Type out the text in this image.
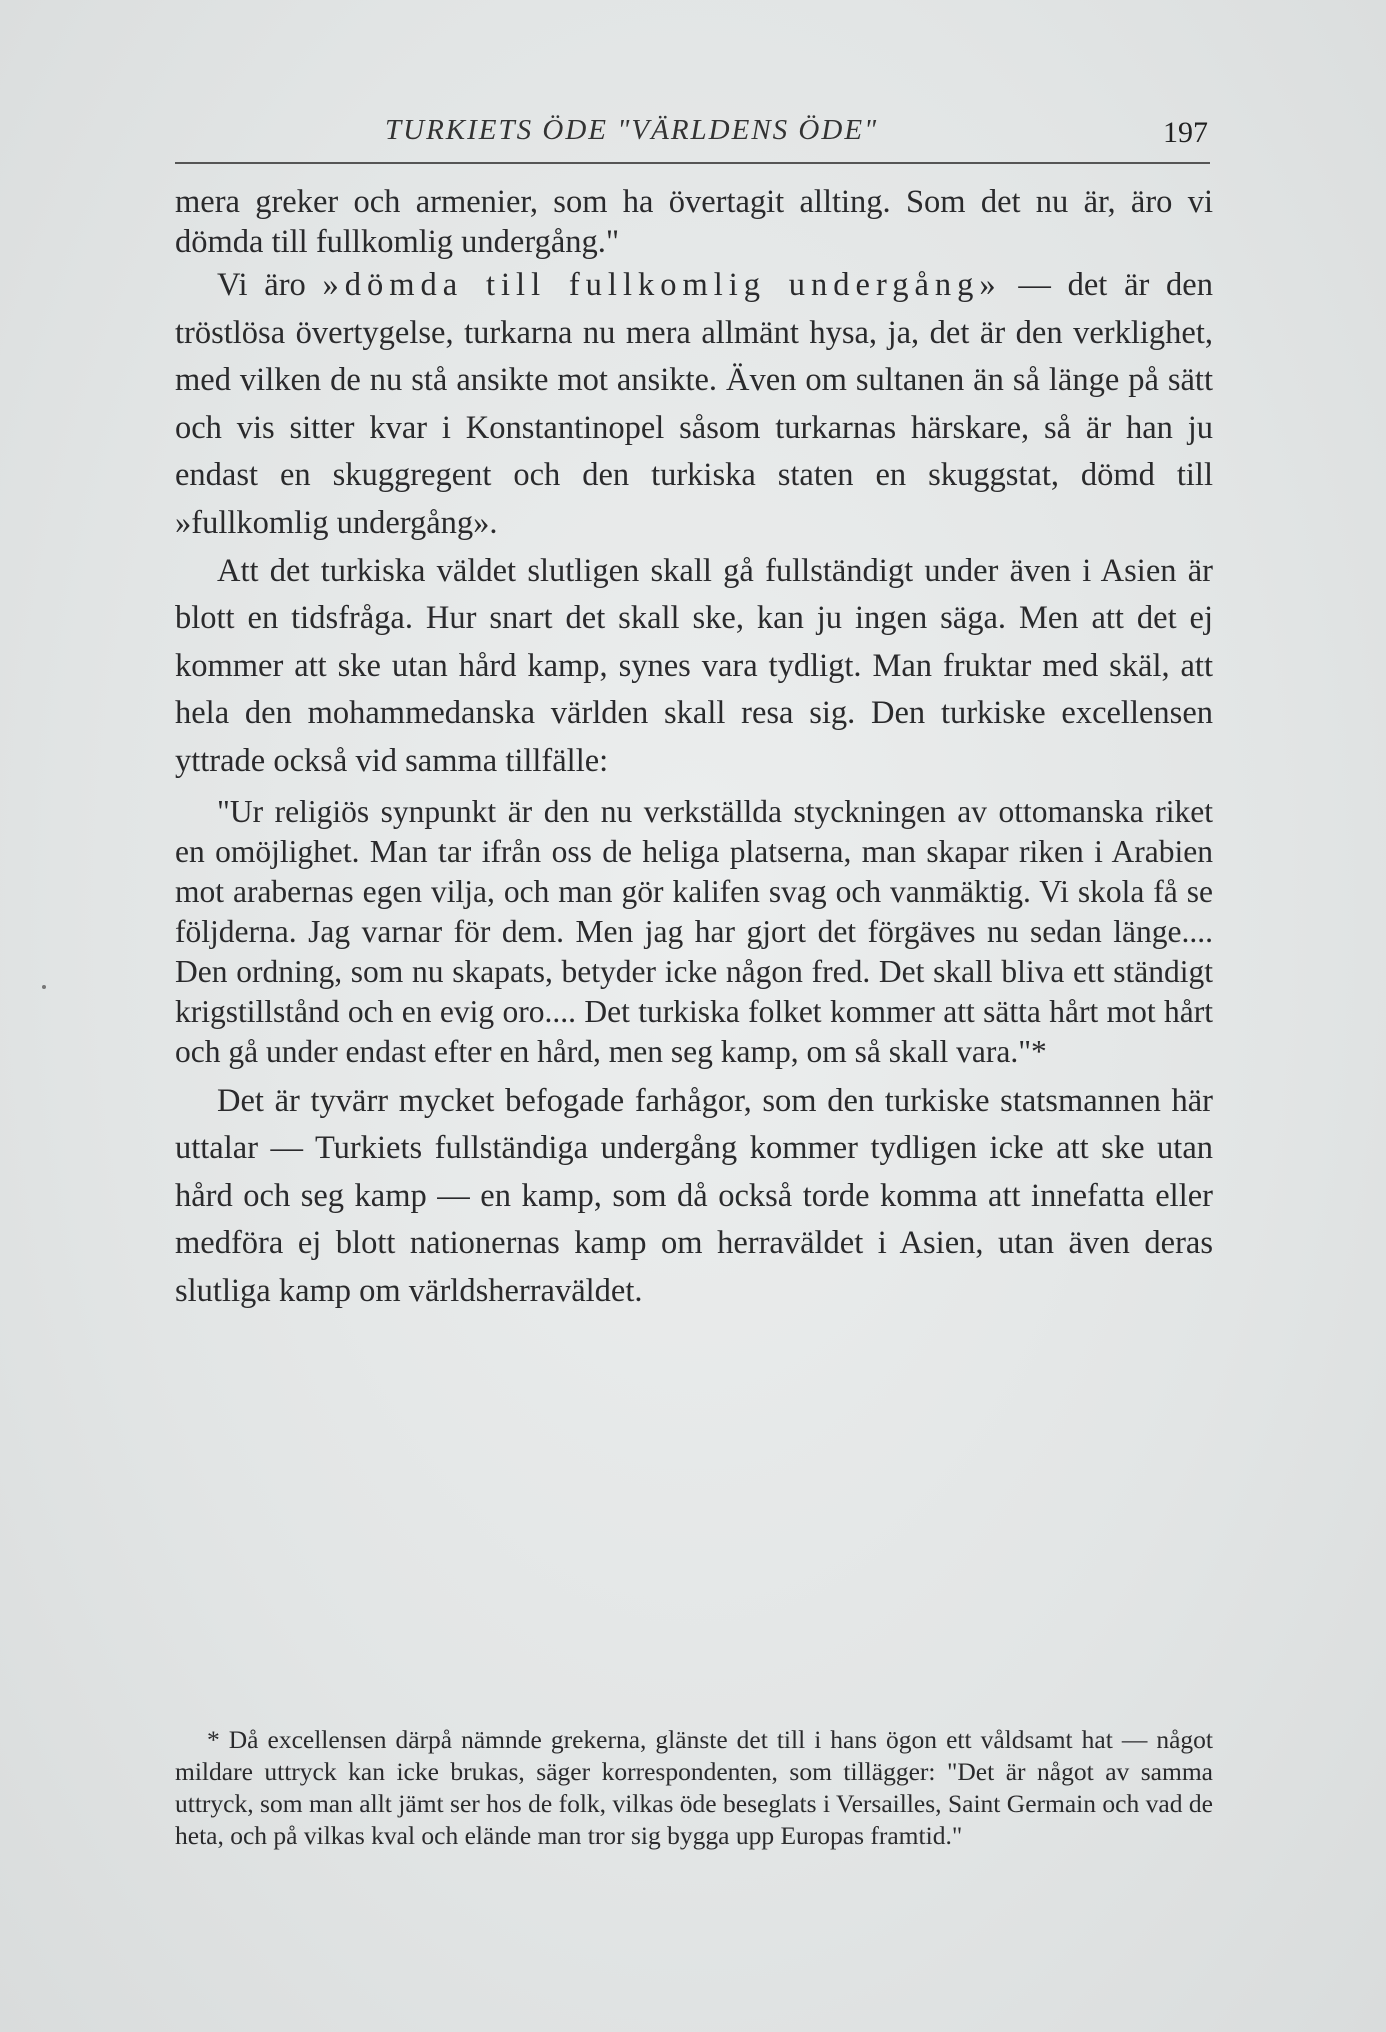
TURKIETS ÖDE "VÄRLDENS ÖDE"	197

mera greker och armenier, som ha övertagit allting. Som det nu är, äro vi dömda till fullkomlig undergång."

Vi äro »dömda till fullkomlig undergång» — det är den tröstlösa övertygelse, turkarna nu mera allmänt hysa, ja, det är den verklighet, med vilken de nu stå ansikte mot ansikte. Även om sultanen än så länge på sätt och vis sitter kvar i Konstantinopel såsom turkarnas härskare, så är han ju endast en skuggregent och den turkiska staten en skuggstat, dömd till »fullkomlig undergång».

Att det turkiska väldet slutligen skall gå fullständigt under även i Asien är blott en tidsfråga. Hur snart det skall ske, kan ju ingen säga. Men att det ej kommer att ske utan hård kamp, synes vara tydligt. Man fruktar med skäl, att hela den mohammedanska världen skall resa sig. Den turkiske excellensen yttrade också vid samma tillfälle:

"Ur religiös synpunkt är den nu verkställda styckningen av ottomanska riket en omöjlighet. Man tar ifrån oss de heliga platserna, man skapar riken i Arabien mot arabernas egen vilja, och man gör kalifen svag och vanmäktig. Vi skola få se följderna. Jag varnar för dem. Men jag har gjort det förgäves nu sedan länge.... Den ordning, som nu skapats, betyder icke någon fred. Det skall bliva ett ständigt krigstillstånd och en evig oro.... Det turkiska folket kommer att sätta hårt mot hårt och gå under endast efter en hård, men seg kamp, om så skall vara."*

Det är tyvärr mycket befogade farhågor, som den turkiske statsmannen här uttalar — Turkiets fullständiga undergång kommer tydligen icke att ske utan hård och seg kamp — en kamp, som då också torde komma att innefatta eller medföra ej blott nationernas kamp om herraväldet i Asien, utan även deras slutliga kamp om världsherraväldet.

* Då excellensen därpå nämnde grekerna, glänste det till i hans ögon ett våldsamt hat — något mildare uttryck kan icke brukas, säger korrespondenten, som tillägger: "Det är något av samma uttryck, som man allt jämt ser hos de folk, vilkas öde beseglats i Versailles, Saint Germain och vad de heta, och på vilkas kval och elände man tror sig bygga upp Europas framtid."
